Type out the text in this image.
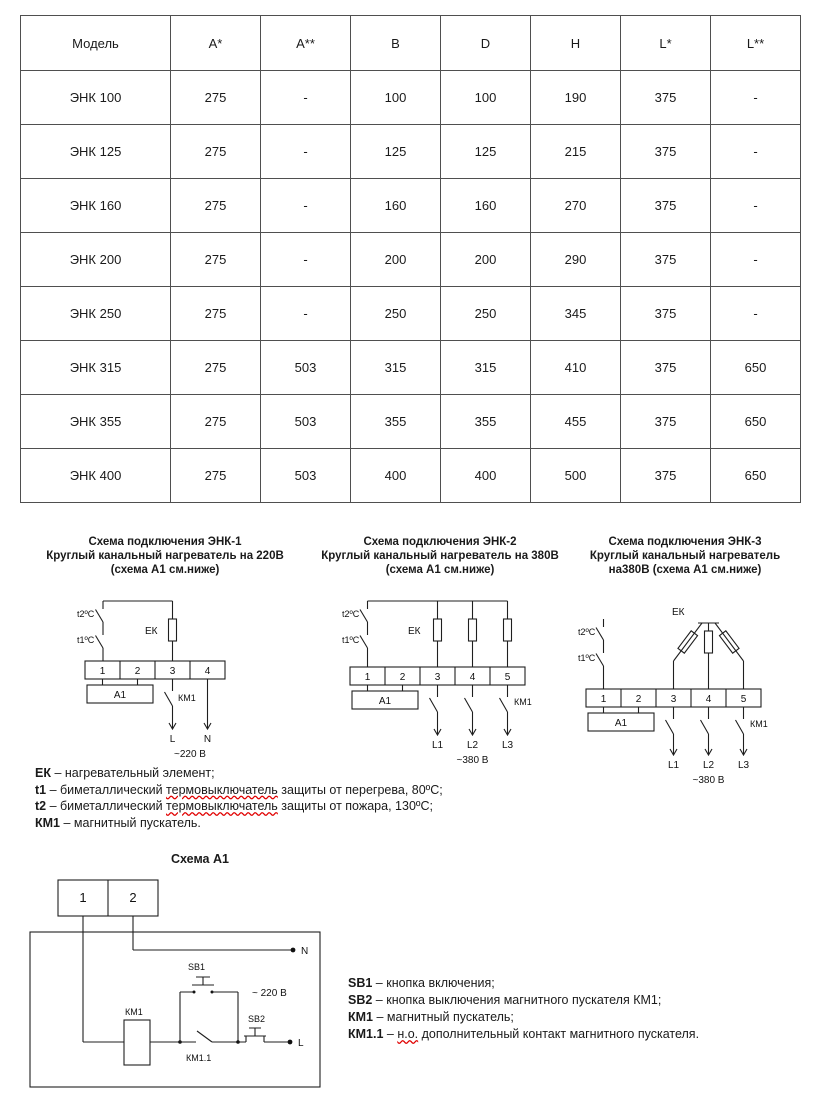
Модель	A*	A**	B	D	H	L*	L**
ЭНК 100	275	-	100	100	190	375	-
ЭНК 125	275	-	125	125	215	375	-
ЭНК 160	275	-	160	160	270	375	-
ЭНК 200	275	-	200	200	290	375	-
ЭНК 250	275	-	250	250	345	375	-
ЭНК 315	275	503	315	315	410	375	650
ЭНК 355	275	503	355	355	455	375	650
ЭНК 400	275	503	400	400	500	375	650
Схема подключения ЭНК-1
Круглый канальный нагреватель на 220В
(схема А1 см.ниже)
t2ºС
t1ºС
ЕК
1	2	3	4
А1	КМ1
L	N
~220 В
Схема подключения ЭНК-2
Круглый канальный нагреватель на 380В
(схема А1 см.ниже)
t2ºС
t1ºС
ЕК
1	2	3	4	5
А1	КМ1
L1 L2 L3
~380 В
Схема подключения ЭНК-3
Круглый канальный нагреватель
на380В (схема А1 см.ниже)
t2ºС
t1ºС
ЕК
1	2	3	4	5
А1	КМ1
L1 L2 L3
~380 В
ЕК – нагревательный элемент;
t1 – биметаллический термовыключатель защиты от перегрева, 80ºС;
t2 – биметаллический термовыключатель защиты от пожара, 130ºС;
КМ1 – магнитный пускатель.
Схема А1
1	2
N
КМ1
SB1
КМ1.1
SB2
L
~ 220 В
SB1 – кнопка включения;
SB2 – кнопка выключения магнитного пускателя КМ1;
КМ1 – магнитный пускатель;
КМ1.1 – н.о. дополнительный контакт магнитного пускателя.
